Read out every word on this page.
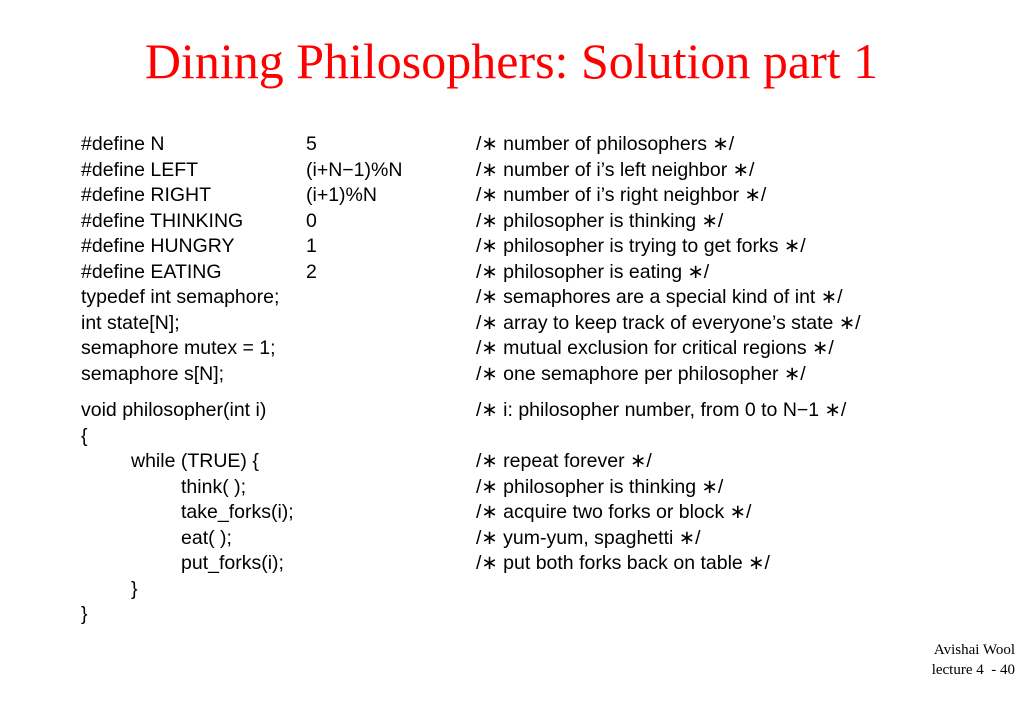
Dining Philosophers: Solution part 1
#define N	5	/∗ number of philosophers ∗/
#define LEFT	(i+N−1)%N	/∗ number of i’s left neighbor ∗/
#define RIGHT	(i+1)%N	/∗ number of i’s right neighbor ∗/
#define THINKING	0	/∗ philosopher is thinking ∗/
#define HUNGRY	1	/∗ philosopher is trying to get forks ∗/
#define EATING	2	/∗ philosopher is eating ∗/
typedef int semaphore;	/∗ semaphores are a special kind of int ∗/
int state[N];	/∗ array to keep track of everyone’s state ∗/
semaphore mutex = 1;	/∗ mutual exclusion for critical regions ∗/
semaphore s[N];	/∗ one semaphore per philosopher ∗/
void philosopher(int i)	/∗ i: philosopher number, from 0 to N−1 ∗/
{
while (TRUE) {	/∗ repeat forever ∗/
think( );	/∗ philosopher is thinking ∗/
take_forks(i);	/∗ acquire two forks or block ∗/
eat( );	/∗ yum-yum, spaghetti ∗/
put_forks(i);	/∗ put both forks back on table ∗/
}
}
Avishai Wool
lecture 4  - 40
